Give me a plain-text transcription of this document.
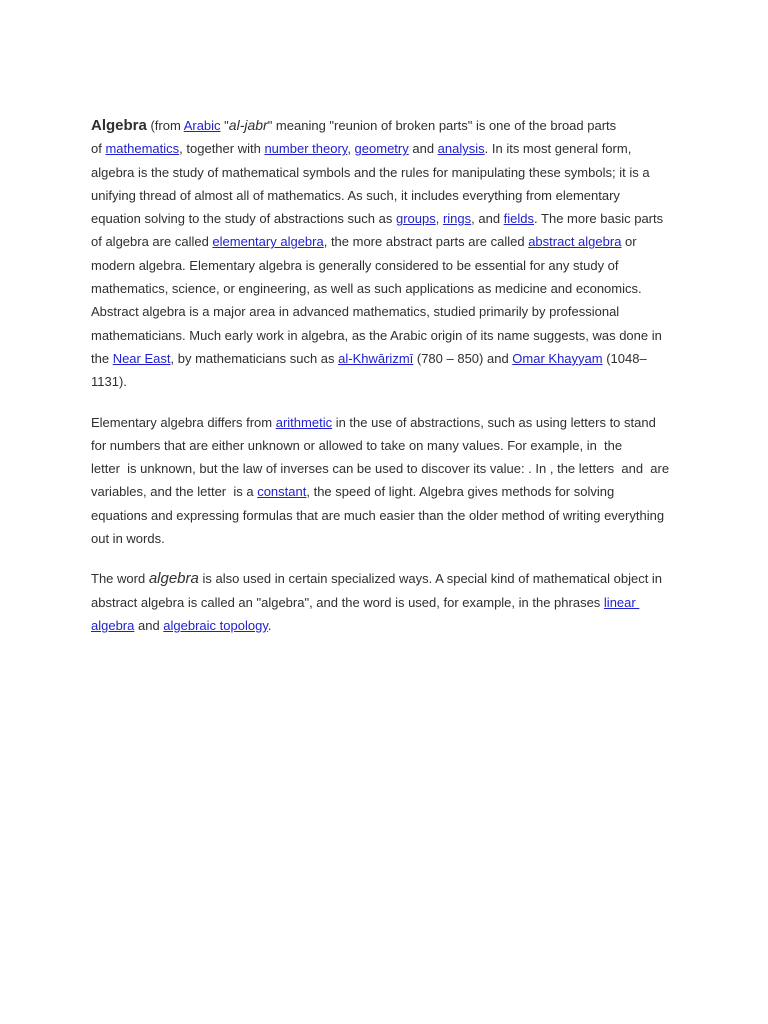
Algebra (from Arabic "al-jabr" meaning "reunion of broken parts" is one of the broad parts
of mathematics, together with number theory, geometry and analysis. In its most general form,
algebra is the study of mathematical symbols and the rules for manipulating these symbols; it is a
unifying thread of almost all of mathematics. As such, it includes everything from elementary
equation solving to the study of abstractions such as groups, rings, and fields. The more basic parts
of algebra are called elementary algebra, the more abstract parts are called abstract algebra or
modern algebra. Elementary algebra is generally considered to be essential for any study of
mathematics, science, or engineering, as well as such applications as medicine and economics.
Abstract algebra is a major area in advanced mathematics, studied primarily by professional
mathematicians. Much early work in algebra, as the Arabic origin of its name suggests, was done in
the Near East, by mathematicians such as al-Khwārizmī (780 – 850) and Omar Khayyam (1048–
1131).

Elementary algebra differs from arithmetic in the use of abstractions, such as using letters to stand
for numbers that are either unknown or allowed to take on many values. For example, in  the
letter  is unknown, but the law of inverses can be used to discover its value: . In , the letters  and  are
variables, and the letter  is a constant, the speed of light. Algebra gives methods for solving
equations and expressing formulas that are much easier than the older method of writing everything
out in words.

The word algebra is also used in certain specialized ways. A special kind of mathematical object in
abstract algebra is called an "algebra", and the word is used, for example, in the phrases linear
algebra and algebraic topology.
